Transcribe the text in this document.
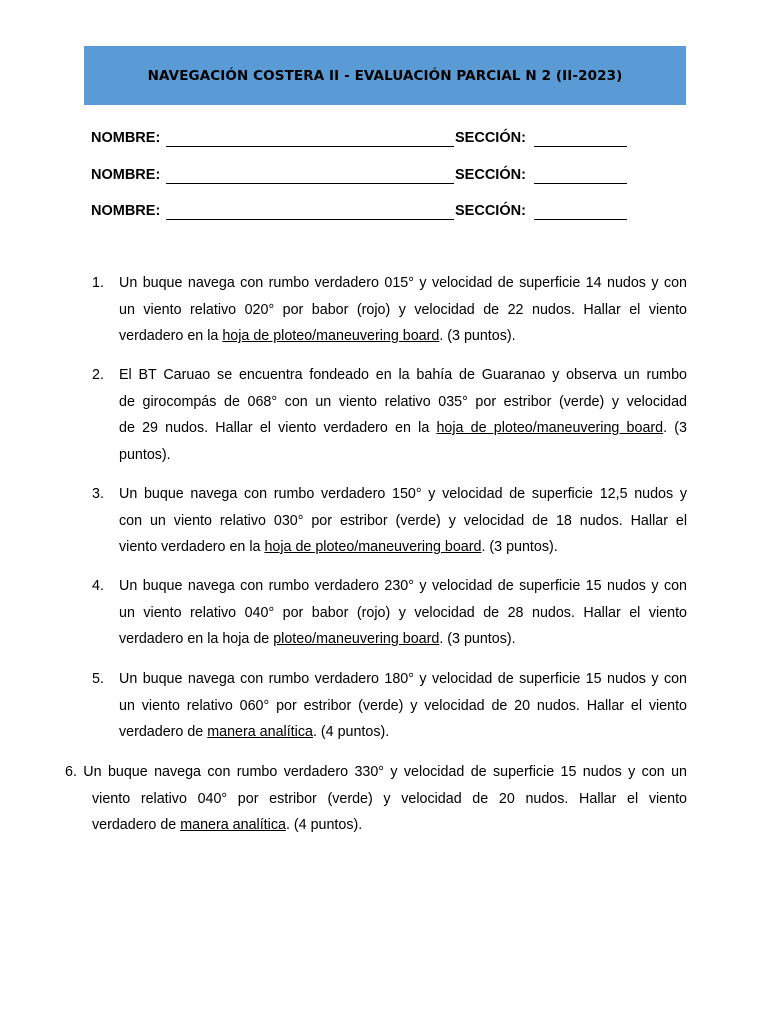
NAVEGACIÓN COSTERA II - EVALUACIÓN PARCIAL N 2 (II-2023)
NOMBRE:	SECCIÓN:
NOMBRE:	SECCIÓN:
NOMBRE:	SECCIÓN:
1. Un buque navega con rumbo verdadero 015° y velocidad de superficie 14 nudos y con
un viento relativo 020° por babor (rojo) y velocidad de 22 nudos. Hallar el viento
verdadero en la hoja de ploteo/maneuvering board. (3 puntos).
2. El BT Caruao se encuentra fondeado en la bahía de Guaranao y observa un rumbo
de girocompás de 068° con un viento relativo 035° por estribor (verde) y velocidad
de 29 nudos. Hallar el viento verdadero en la hoja de ploteo/maneuvering board. (3
puntos).
3. Un buque navega con rumbo verdadero 150° y velocidad de superficie 12,5 nudos y
con un viento relativo 030° por estribor (verde) y velocidad de 18 nudos. Hallar el
viento verdadero en la hoja de ploteo/maneuvering board. (3 puntos).
4. Un buque navega con rumbo verdadero 230° y velocidad de superficie 15 nudos y con
un viento relativo 040° por babor (rojo) y velocidad de 28 nudos. Hallar el viento
verdadero en la hoja de ploteo/maneuvering board. (3 puntos).
5. Un buque navega con rumbo verdadero 180° y velocidad de superficie 15 nudos y con
un viento relativo 060° por estribor (verde) y velocidad de 20 nudos. Hallar el viento
verdadero de manera analítica. (4 puntos).
6. Un buque navega con rumbo verdadero 330° y velocidad de superficie 15 nudos y con un
viento relativo 040° por estribor (verde) y velocidad de 20 nudos. Hallar el viento
verdadero de manera analítica. (4 puntos).
